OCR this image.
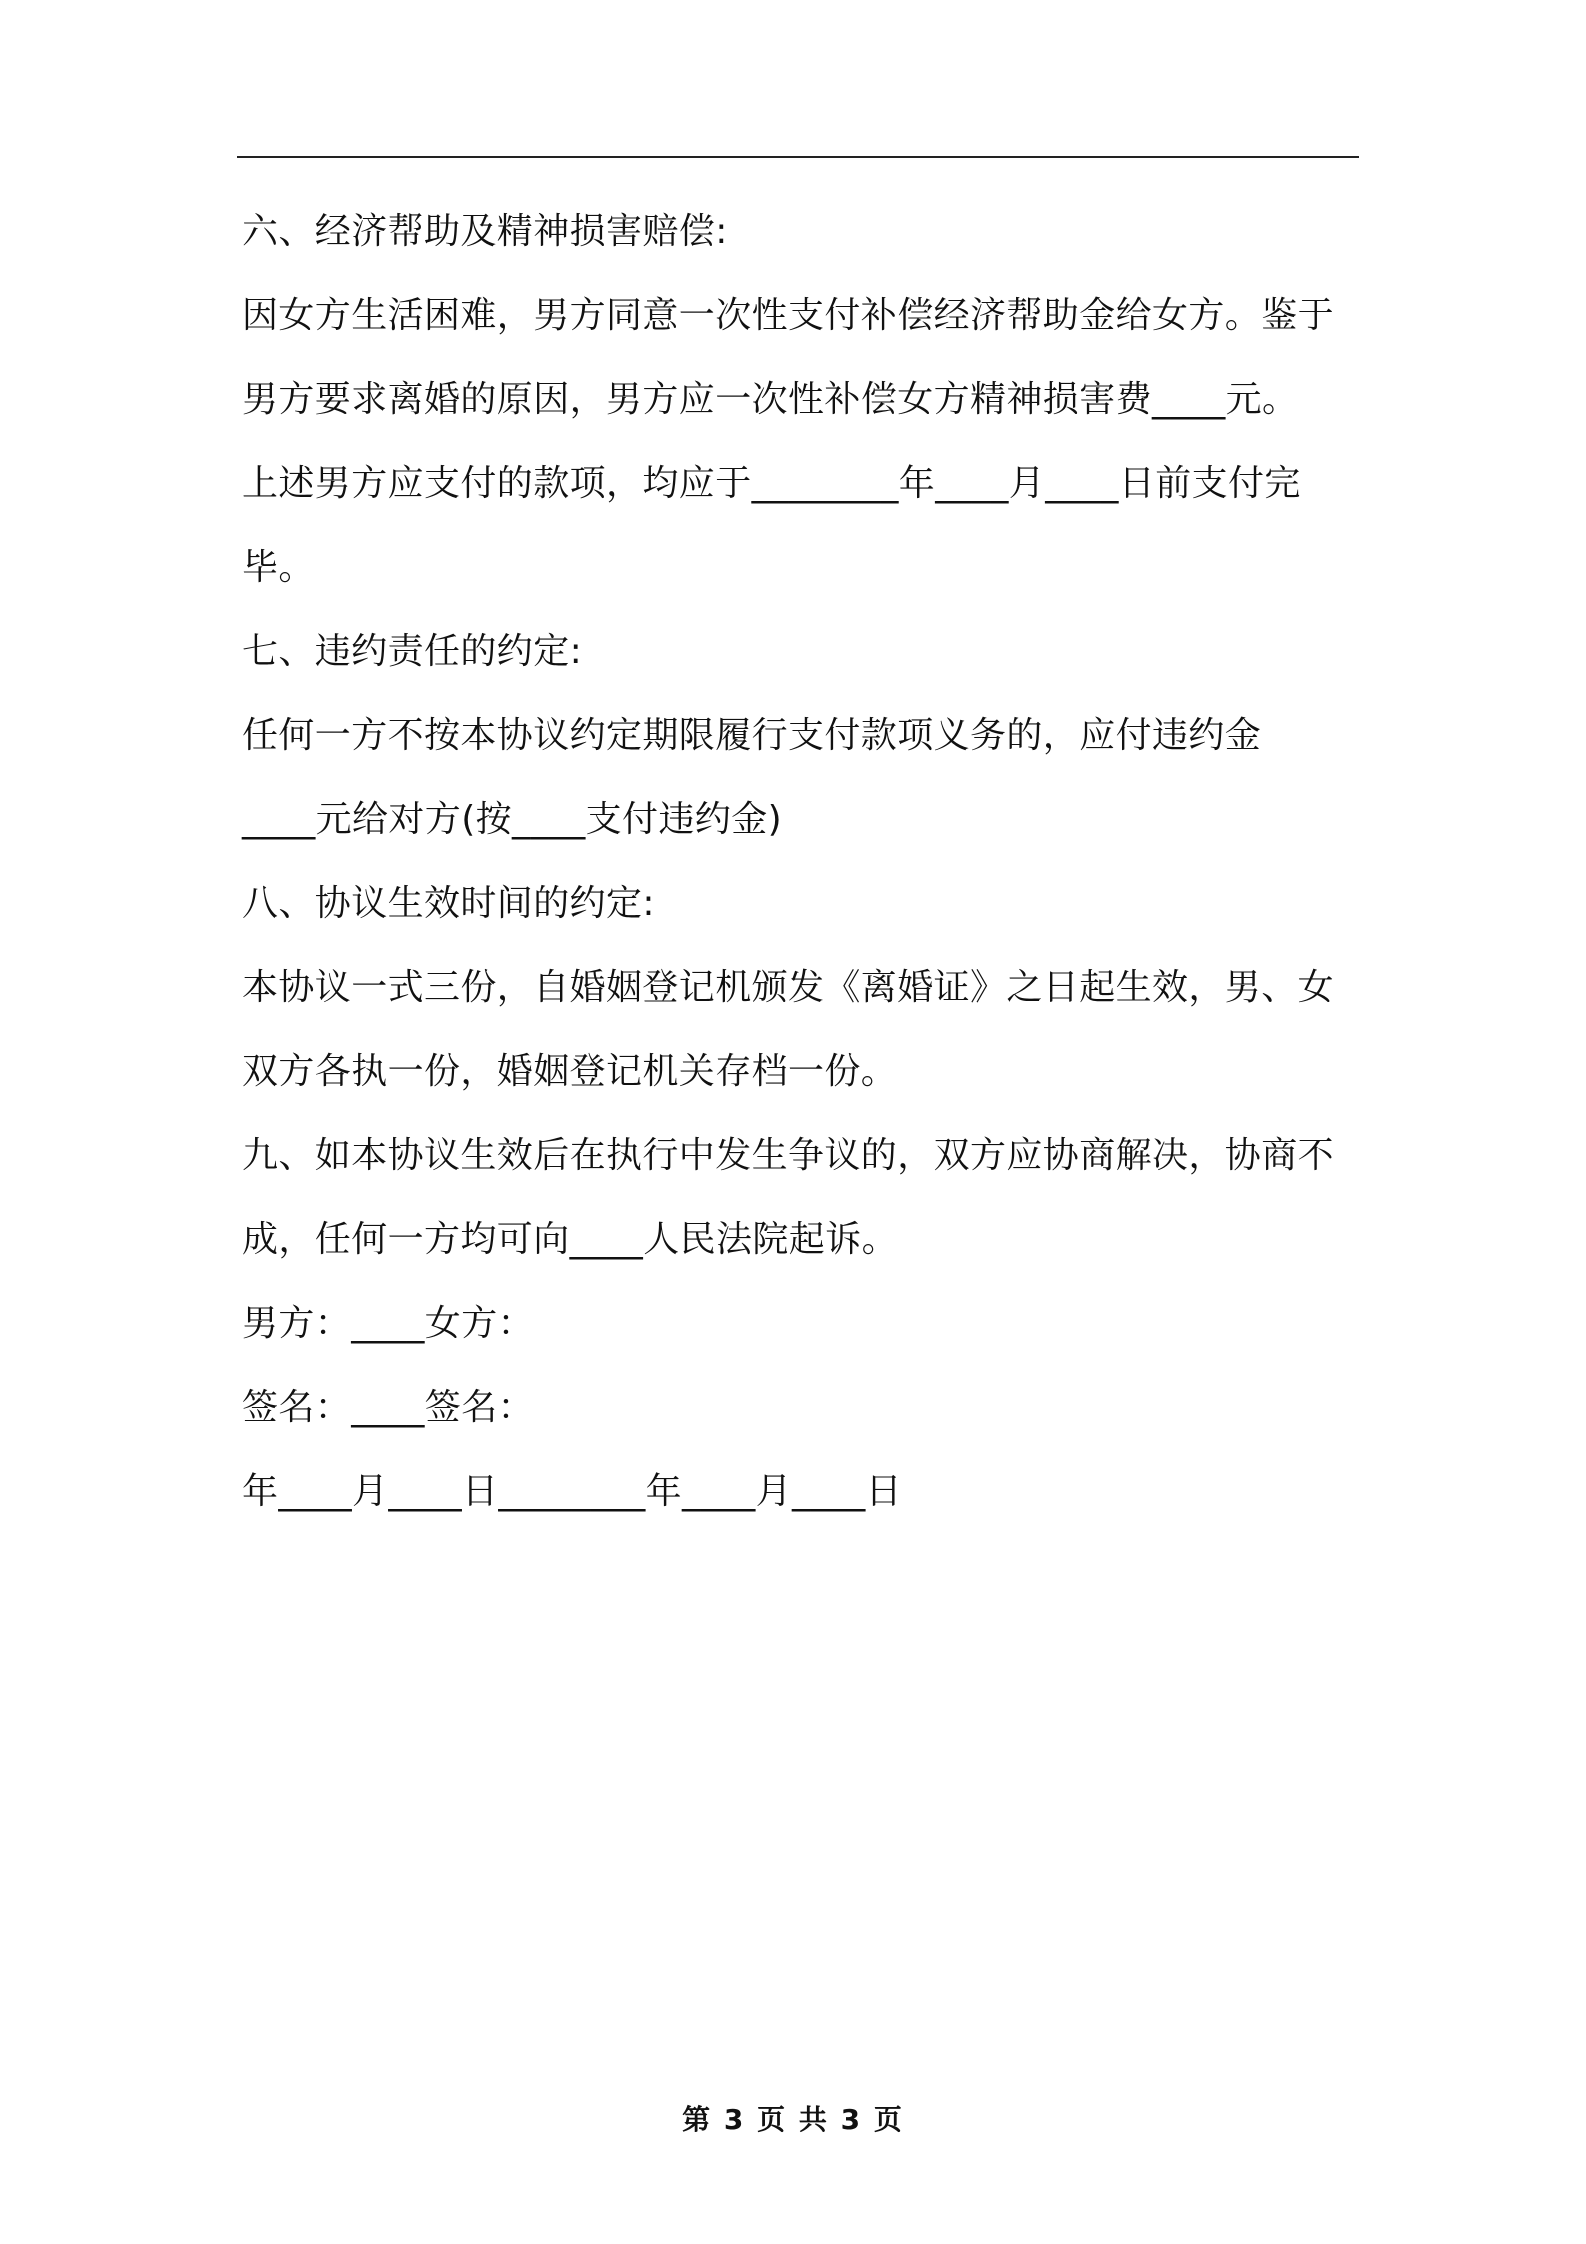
六、经济帮助及精神损害赔偿:
因女方生活困难，男方同意一次性支付补偿经济帮助金给女方。鉴于
男方要求离婚的原因，男方应一次性补偿女方精神损害费____元。
上述男方应支付的款项，均应于________年____月____日前支付完
毕。
七、违约责任的约定:
任何一方不按本协议约定期限履行支付款项义务的，应付违约金
____元给对方(按____支付违约金)
八、协议生效时间的约定:
本协议一式三份，自婚姻登记机颁发《离婚证》之日起生效，男、女
双方各执一份，婚姻登记机关存档一份。
九、如本协议生效后在执行中发生争议的，双方应协商解决，协商不
成，任何一方均可向____人民法院起诉。
男方：____女方：
签名：____签名：
年____月____日________年____月____日
第 3 页 共 3 页
